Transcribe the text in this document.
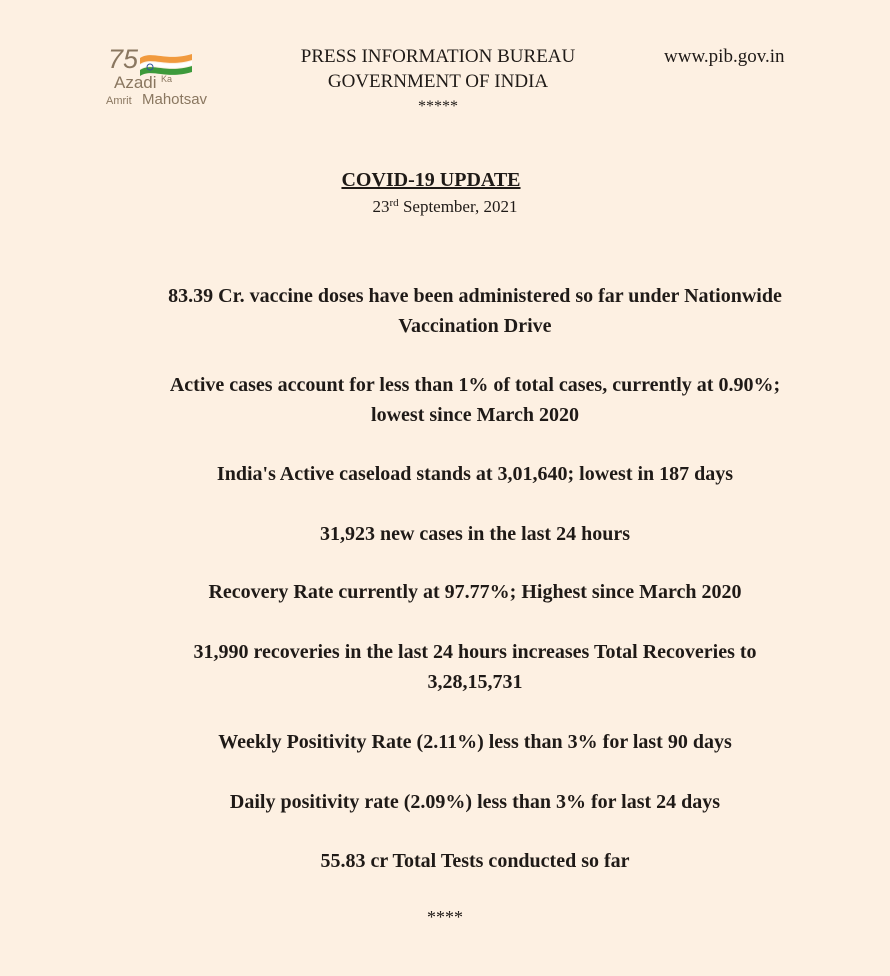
75
Azadi Ka
Amrit Mahotsav
PRESS INFORMATION BUREAU
GOVERNMENT OF INDIA
*****
www.pib.gov.in
COVID-19 UPDATE
23rd September, 2021
83.39 Cr. vaccine doses have been administered so far under Nationwide
Vaccination Drive
Active cases account for less than 1% of total cases, currently at 0.90%;
lowest since March 2020
India's Active caseload stands at 3,01,640; lowest in 187 days
31,923 new cases in the last 24 hours
Recovery Rate currently at 97.77%; Highest since March 2020
31,990 recoveries in the last 24 hours increases Total Recoveries to
3,28,15,731
Weekly Positivity Rate (2.11%) less than 3% for last 90 days
Daily positivity rate (2.09%) less than 3% for last 24 days
55.83 cr Total Tests conducted so far
****
